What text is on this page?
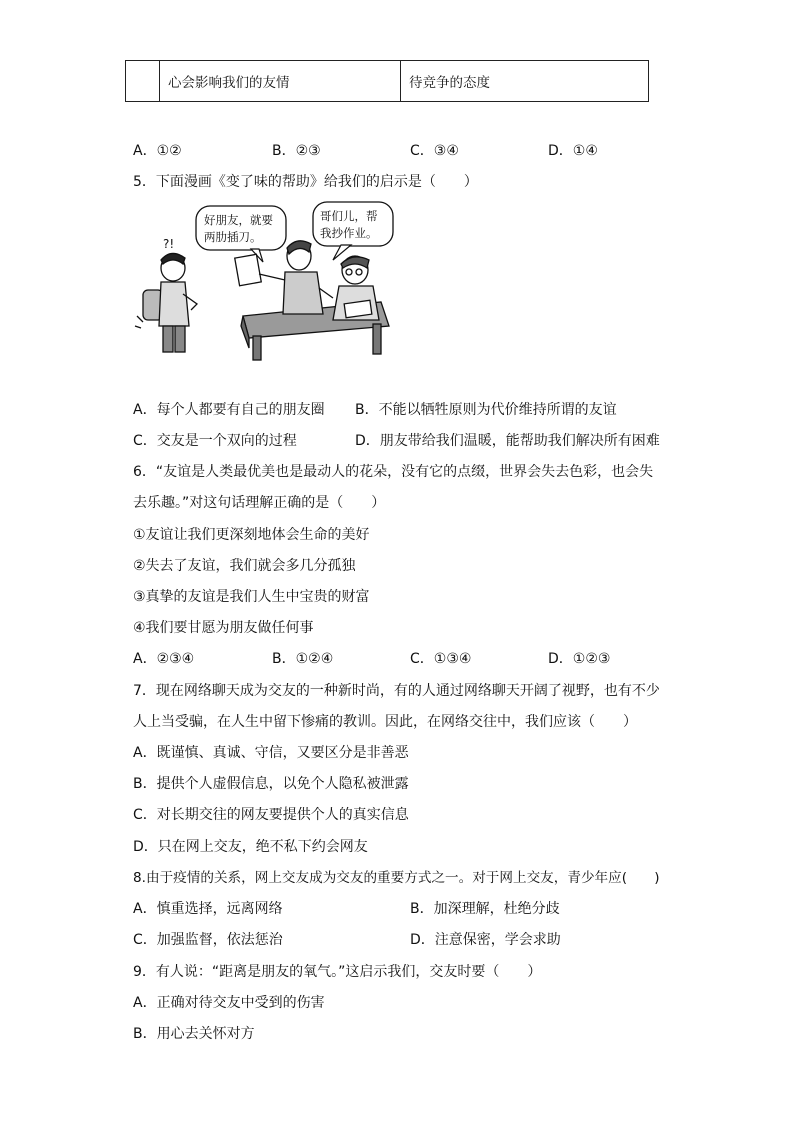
	心会影响我们的友情	待竞争的态度
A．①②	B．②③	C．③④	D．①④
5．下面漫画《变了味的帮助》给我们的启示是（　　）
好朋友，就要
两肋插刀。
哥们儿，帮
我抄作业。
?!
A．每个人都要有自己的朋友圈 B．不能以牺牲原则为代价维持所谓的友谊
C．交友是一个双向的过程	D．朋友带给我们温暖，能帮助我们解决所有困难
6．“友谊是人类最优美也是最动人的花朵，没有它的点缀，世界会失去色彩，也会失
去乐趣。”对这句话理解正确的是（　　）
①友谊让我们更深刻地体会生命的美好
②失去了友谊，我们就会多几分孤独
③真挚的友谊是我们人生中宝贵的财富
④我们要甘愿为朋友做任何事
A．②③④	B．①②④	C．①③④	D．①②③
7．现在网络聊天成为交友的一种新时尚，有的人通过网络聊天开阔了视野，也有不少
人上当受骗，在人生中留下惨痛的教训。因此，在网络交往中，我们应该（　　）
A．既谨慎、真诚、守信，又要区分是非善恶
B．提供个人虚假信息，以免个人隐私被泄露
C．对长期交往的网友要提供个人的真实信息
D．只在网上交友，绝不私下约会网友
8.由于疫情的关系，网上交友成为交友的重要方式之一。对于网上交友，青少年应(　　)
A．慎重选择，远离网络	B．加深理解，杜绝分歧
C．加强监督，依法惩治	D．注意保密，学会求助
9．有人说：“距离是朋友的氧气。”这启示我们，交友时要（　　）
A．正确对待交友中受到的伤害
B．用心去关怀对方
